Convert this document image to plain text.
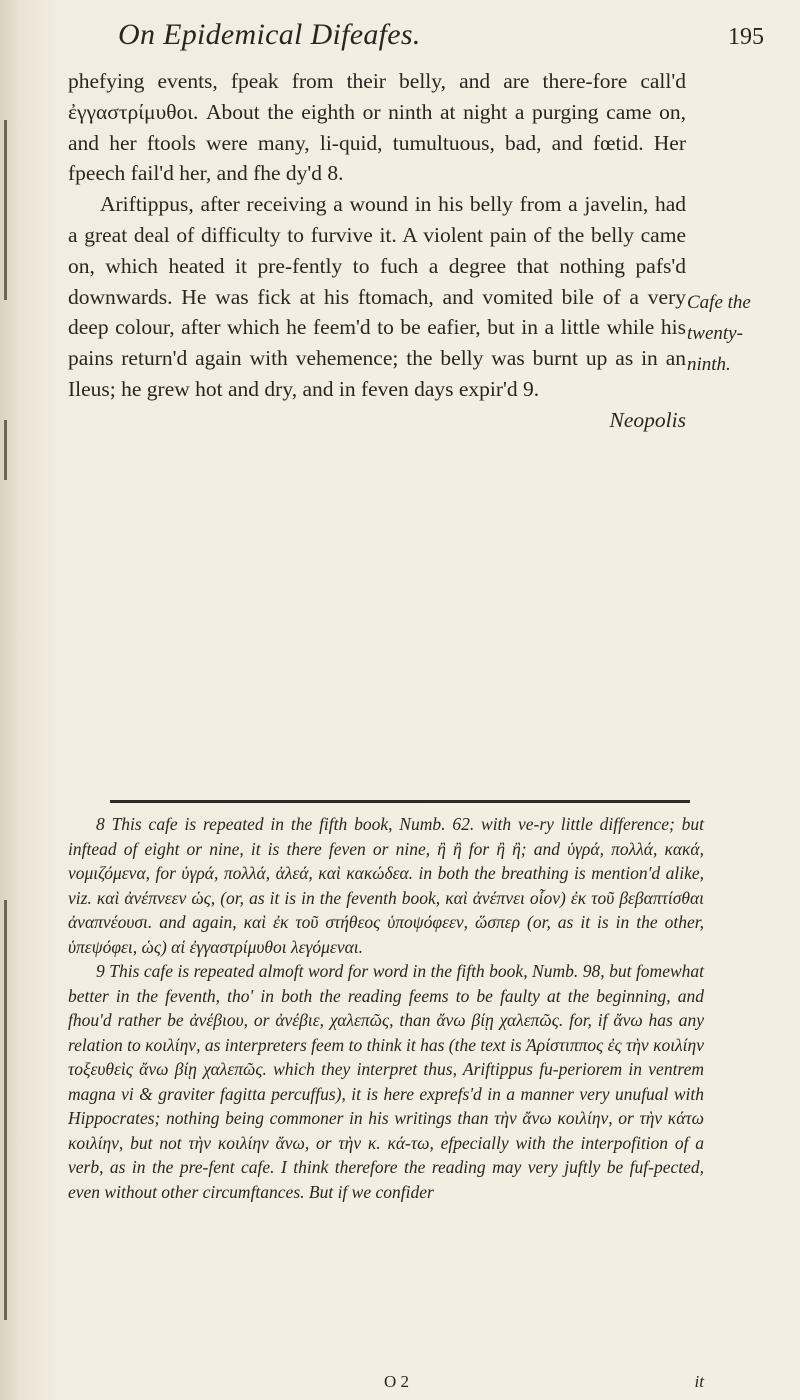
On Epidemical Difeafes.	195

phefying events, fpeak from their belly, and are there-fore call'd ἐγγαστρίμυθοι. About the eighth or ninth at night a purging came on, and her ftools were many, li-quid, tumultuous, bad, and fœtid. Her fpeech fail'd her, and fhe dy'd 8.

Ariftippus, after receiving a wound in his belly from a javelin, had a great deal of difficulty to furvive it. A violent pain of the belly came on, which heated it pre-fently to fuch a degree that nothing pafs'd downwards. He was fick at his ftomach, and vomited bile of a very deep colour, after which he feem'd to be eafier, but in a little while his pains return'd again with vehemence; the belly was burnt up as in an Ileus; he grew hot and dry, and in feven days expir'd 9.

Neopolis

Cafe the
twenty-
ninth.

8 This cafe is repeated in the fifth book, Numb. 62. with ve-ry little difference; but inftead of eight or nine, it is there feven or nine, ἢ ἢ for ἢ ἢ; and ὑγρά, πολλά, κακά, νομιζόμενα, for ὑγρά, πολλά, ἀλεά, καὶ κακώδεα. in both the breathing is mention'd alike, viz. καὶ ἀνέπνεεν ὡς, (or, as it is in the feventh book, καὶ ἀνέπνει οἷον) ἐκ τοῦ βεβαπτίσθαι ἀναπνέουσι. and again, καὶ ἐκ τοῦ στήθεος ὑποψόφεεν, ὥσπερ (or, as it is in the other, ὑπεψόφει, ὡς) αἱ ἐγγαστρίμυθοι λεγόμεναι.

9 This cafe is repeated almoft word for word in the fifth book, Numb. 98, but fomewhat better in the feventh, tho' in both the reading feems to be faulty at the beginning, and fhou'd rather be ἀνέβιου, or ἀνέβιε, χαλεπῶς, than ἄνω βίῃ χαλεπῶς. for, if ἄνω has any relation to κοιλίην, as interpreters feem to think it has (the text is Ἀρίστιππος ἐς τὴν κοιλίην τοξευθεὶς ἄνω βίῃ χαλεπῶς. which they interpret thus, Ariftippus fu-periorem in ventrem magna vi & graviter fagitta percuffus), it is here exprefs'd in a manner very unufual with Hippocrates; nothing being commoner in his writings than τὴν ἄνω κοιλίην, or τὴν κάτω κοιλίην, but not τὴν κοιλίην ἄνω, or τὴν κ. κά-τω, efpecially with the interpofition of a verb, as in the pre-fent cafe. I think therefore the reading may very juftly be fuf-pected, even without other circumftances. But if we confider

O 2	it
